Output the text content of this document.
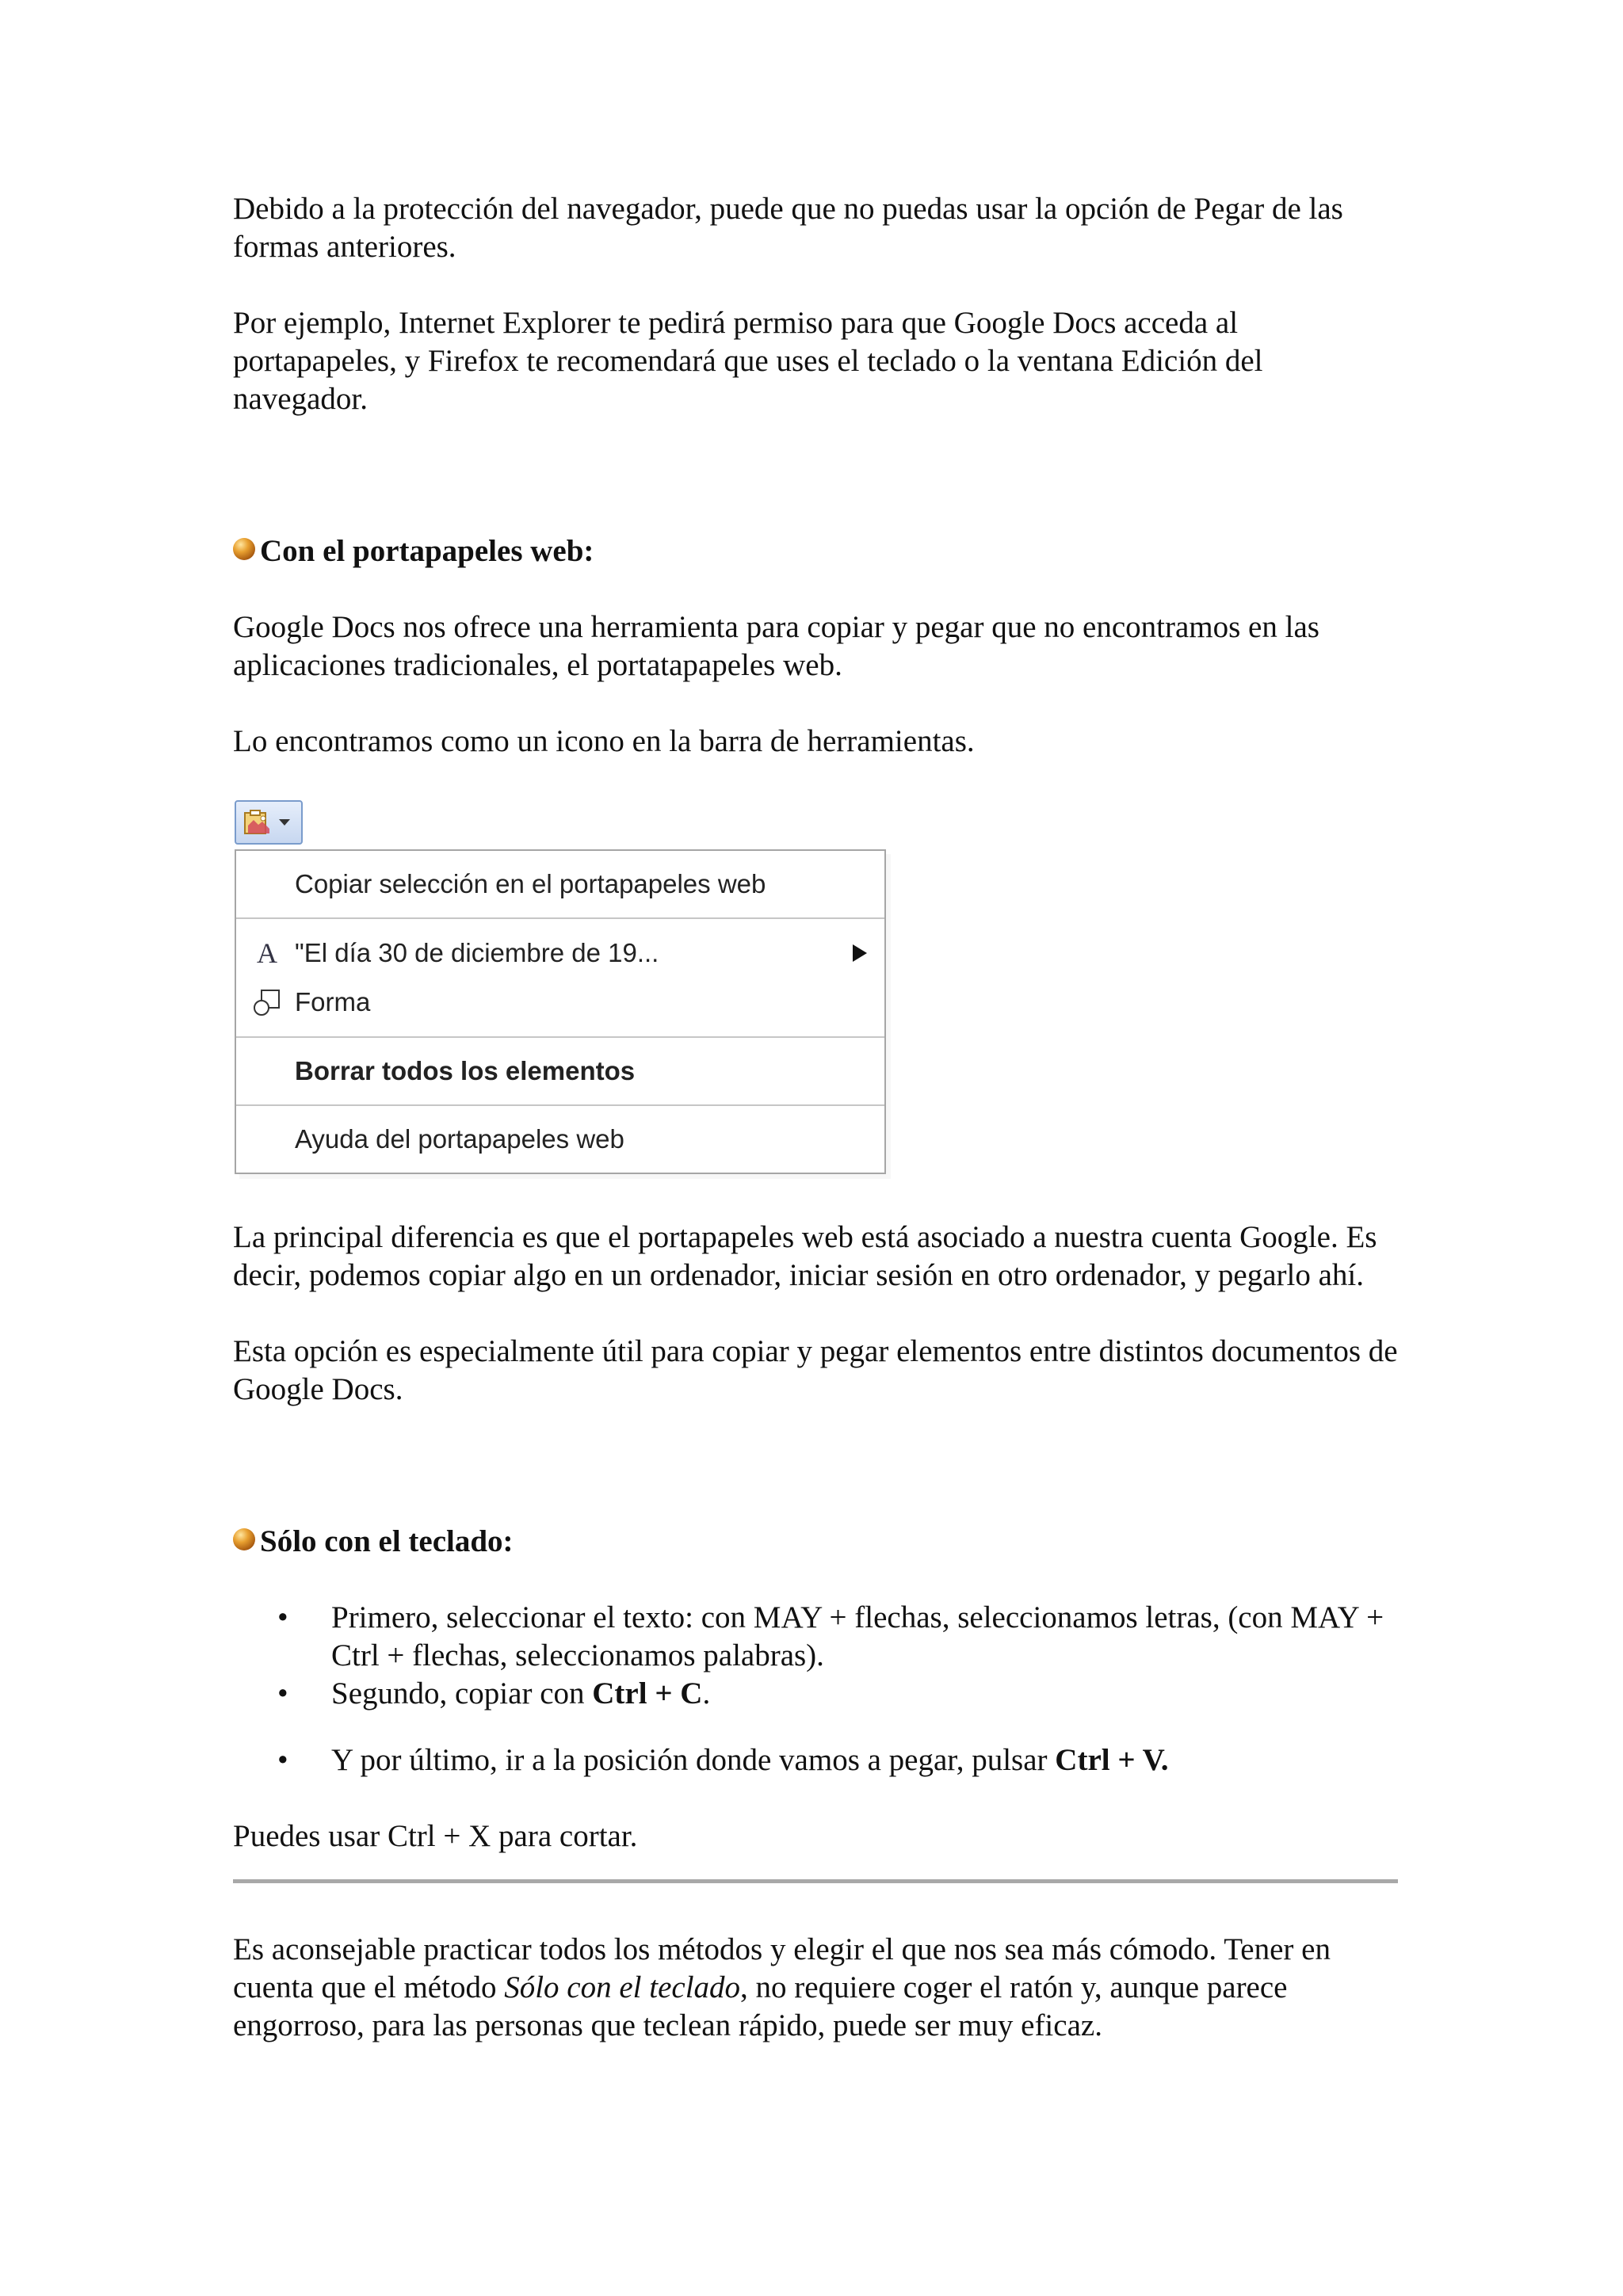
Debido a la protección del navegador, puede que no puedas usar la opción de Pegar de las formas anteriores.

Por ejemplo, Internet Explorer te pedirá permiso para que Google Docs acceda al portapapeles, y Firefox te recomendará que uses el teclado o la ventana Edición del navegador.

Con el portapapeles web:

Google Docs nos ofrece una herramienta para copiar y pegar que no encontramos en las aplicaciones tradicionales, el portatapapeles web.

Lo encontramos como un icono en la barra de herramientas.

Copiar selección en el portapapeles web
A "El día 30 de diciembre de 19...
Forma
Borrar todos los elementos
Ayuda del portapapeles web

La principal diferencia es que el portapapeles web está asociado a nuestra cuenta Google. Es decir, podemos copiar algo en un ordenador, iniciar sesión en otro ordenador, y pegarlo ahí.

Esta opción es especialmente útil para copiar y pegar elementos entre distintos documentos de Google Docs.

Sólo con el teclado:
• Primero, seleccionar el texto: con MAY + flechas, seleccionamos letras, (con MAY + Ctrl + flechas, seleccionamos palabras).
• Segundo, copiar con Ctrl + C.
• Y por último, ir a la posición donde vamos a pegar, pulsar Ctrl + V.

Puedes usar Ctrl + X para cortar.

Es aconsejable practicar todos los métodos y elegir el que nos sea más cómodo. Tener en cuenta que el método Sólo con el teclado, no requiere coger el ratón y, aunque parece engorroso, para las personas que teclean rápido, puede ser muy eficaz.
